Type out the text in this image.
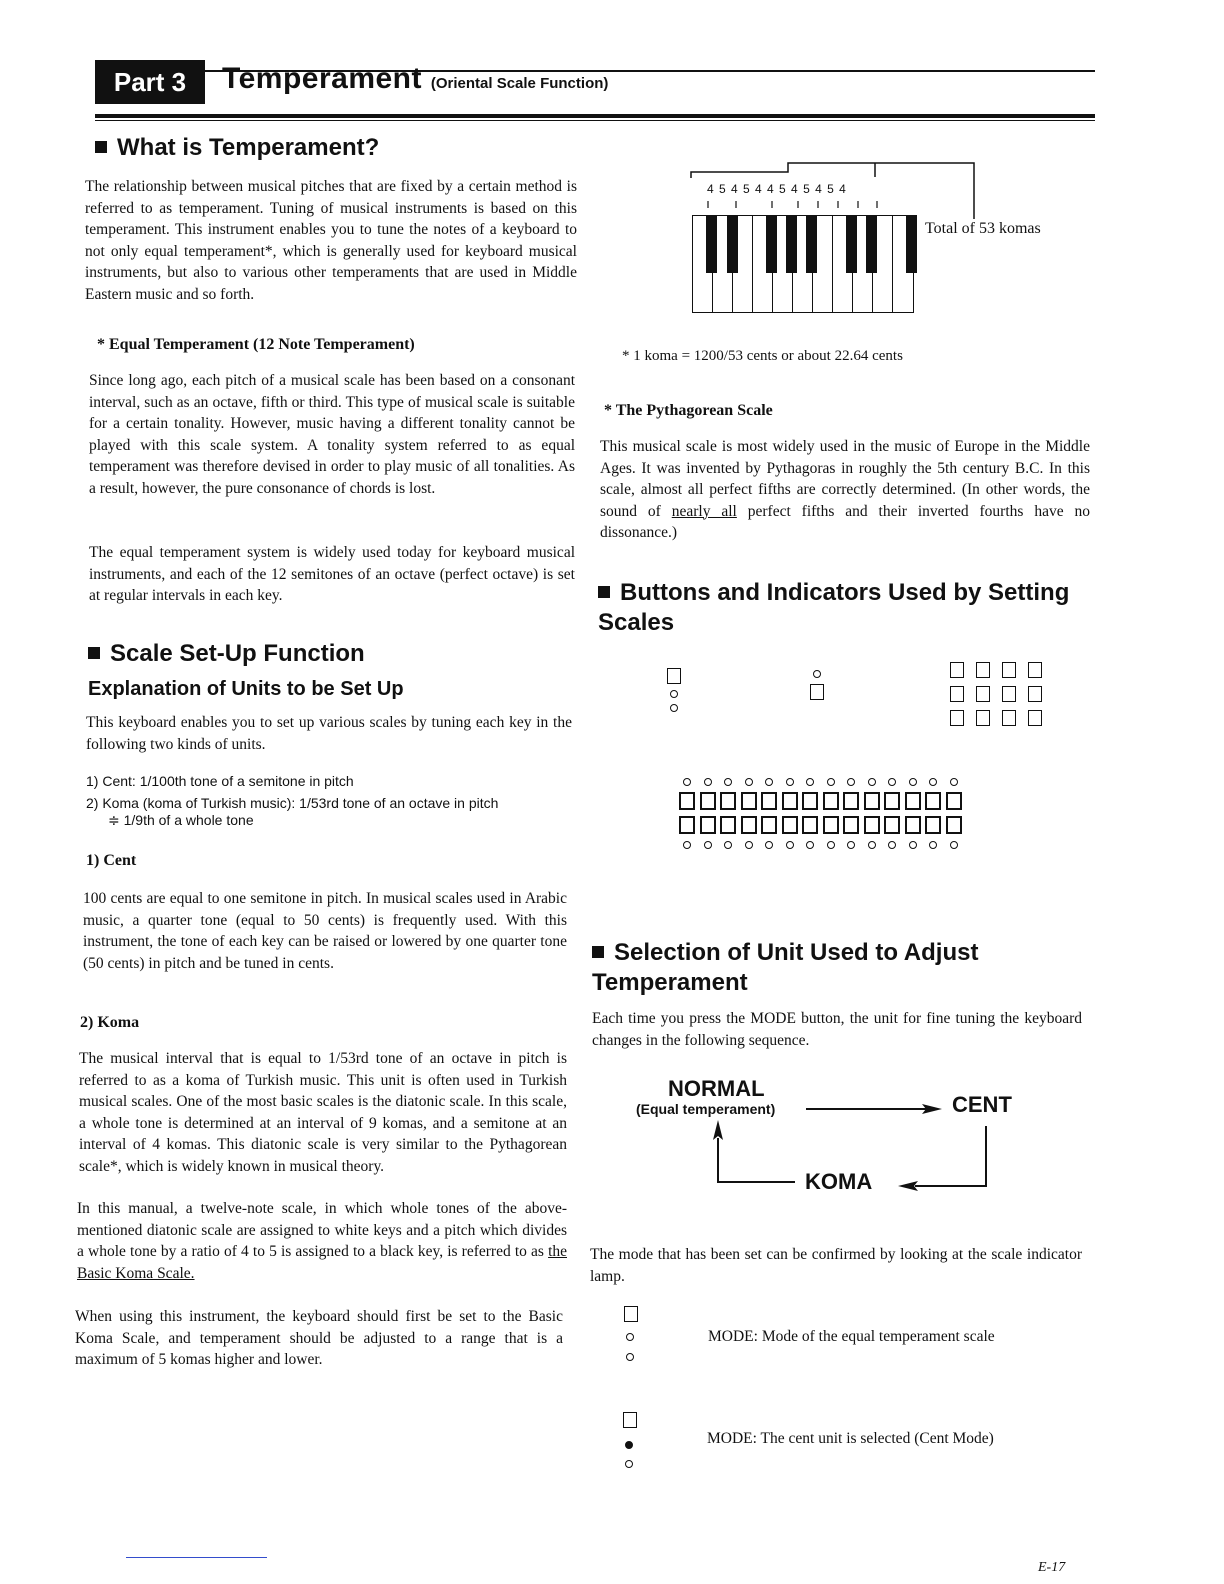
Part 3	Temperament (Oriental Scale Function)
What is Temperament?
The relationship between musical pitches that are fixed by a certain method is referred to as temperament. Tuning of musical instruments is based on this temperament. This instrument enables you to tune the notes of a keyboard to not only equal temperament*, which is generally used for keyboard musical instruments, but also to various other temperaments that are used in Middle Eastern music and so forth.
* Equal Temperament (12 Note Temperament)
Since long ago, each pitch of a musical scale has been based on a consonant interval, such as an octave, fifth or third. This type of musical scale is suitable for a certain tonality. However, music having a different tonality cannot be played with this scale system. A tonality system referred to as equal temperament was therefore devised in order to play music of all tonalities. As a result, however, the pure consonance of chords is lost.
The equal temperament system is widely used today for keyboard musical instruments, and each of the 12 semitones of an octave (perfect octave) is set at regular intervals in each key.
Scale Set-Up Function
Explanation of Units to be Set Up
This keyboard enables you to set up various scales by tuning each key in the following two kinds of units.
1) Cent: 1/100th tone of a semitone in pitch
2) Koma (koma of Turkish music): 1/53rd tone of an octave in pitch
≑ 1/9th of a whole tone
1) Cent
100 cents are equal to one semitone in pitch. In musical scales used in Arabic music, a quarter tone (equal to 50 cents) is frequently used. With this instrument, the tone of each key can be raised or lowered by one quarter tone (50 cents) in pitch and be tuned in cents.
2) Koma
The musical interval that is equal to 1/53rd tone of an octave in pitch is referred to as a koma of Turkish music. This unit is often used in Turkish musical scales. One of the most basic scales is the diatonic scale. In this scale, a whole tone is determined at an interval of 9 komas, and a semitone at an interval of 4 komas. This diatonic scale is very similar to the Pythagorean scale*, which is widely known in musical theory.
In this manual, a twelve-note scale, in which whole tones of the above-mentioned diatonic scale are assigned to white keys and a pitch which divides a whole tone by a ratio of 4 to 5 is assigned to a black key, is referred to as the Basic Koma Scale.
When using this instrument, the keyboard should first be set to the Basic Koma Scale, and temperament should be adjusted to a range that is a maximum of 5 komas higher and lower.
4 5 4 5 4 4 5 4 5 4 5 4
Total of 53 komas
* 1 koma = 1200/53 cents or about 22.64 cents
* The Pythagorean Scale
This musical scale is most widely used in the music of Europe in the Middle Ages. It was invented by Pythagoras in roughly the 5th century B.C. In this scale, almost all perfect fifths are correctly determined. (In other words, the sound of nearly all perfect fifths and their inverted fourths have no dissonance.)
Buttons and Indicators Used by Setting Scales
Selection of Unit Used to Adjust Temperament
Each time you press the MODE button, the unit for fine tuning the keyboard changes in the following sequence.
NORMAL
(Equal temperament)	CENT
KOMA
The mode that has been set can be confirmed by looking at the scale indicator lamp.
MODE: Mode of the equal temperament scale
MODE: The cent unit is selected (Cent Mode)
E-17
